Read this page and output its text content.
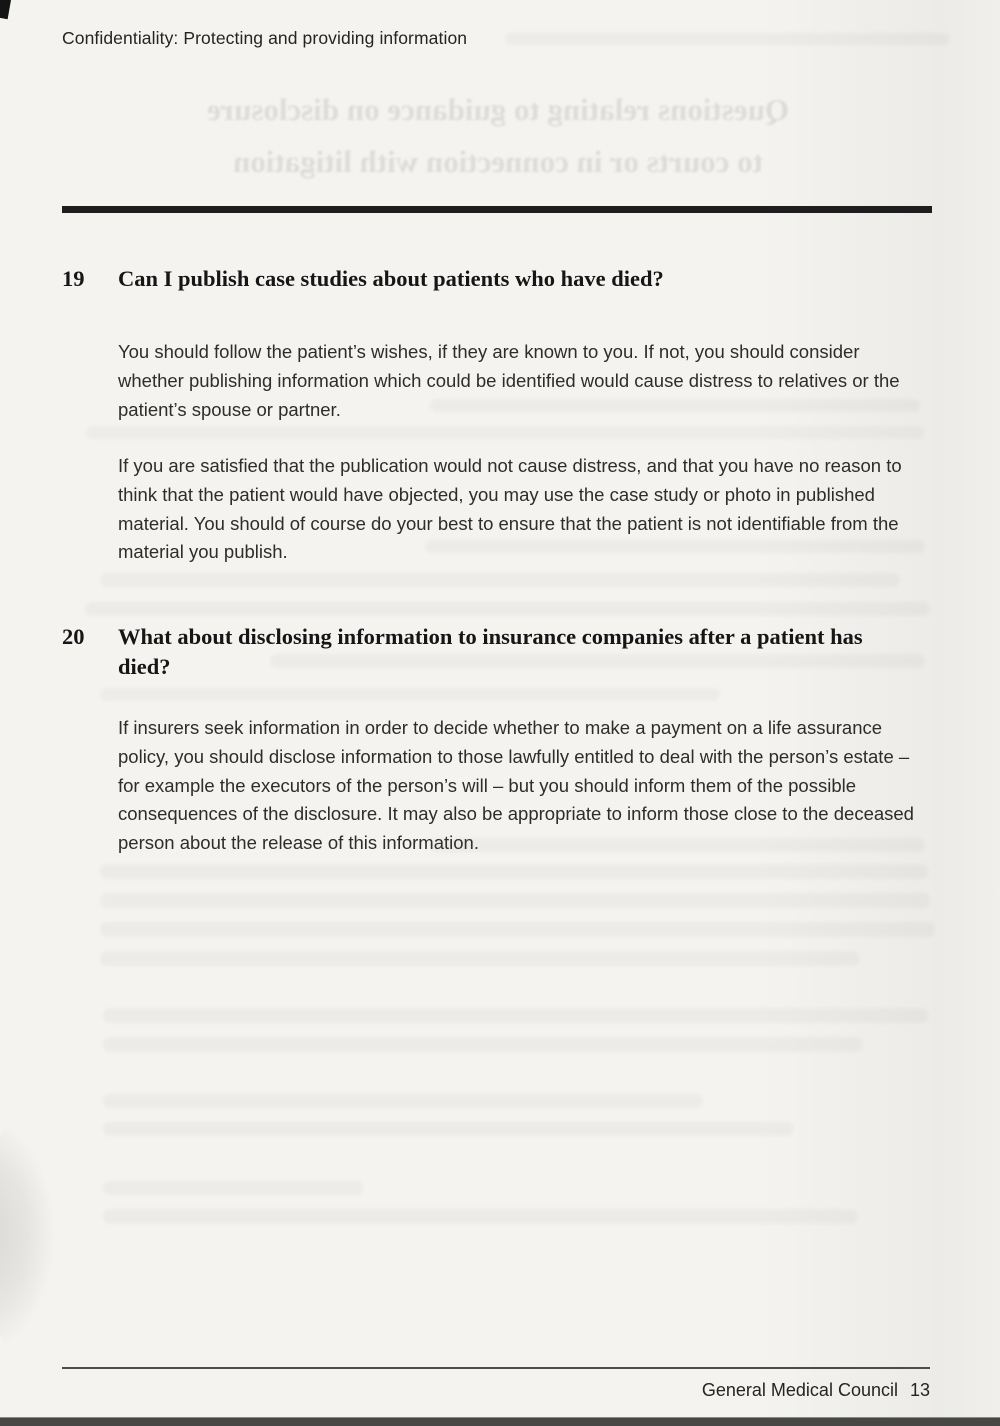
Confidentiality: Protecting and providing information
Questions relating to guidance on disclosure
to courts or in connection with litigation
19	Can I publish case studies about patients who have died?
You should follow the patient’s wishes, if they are known to you. If not, you should consider whether publishing information which could be identified would cause distress to relatives or the patient’s spouse or partner.
If you are satisfied that the publication would not cause distress, and that you have no reason to think that the patient would have objected, you may use the case study or photo in published material. You should of course do your best to ensure that the patient is not identifiable from the material you publish.
20	What about disclosing information to insurance companies after a patient has died?
If insurers seek information in order to decide whether to make a payment on a life assurance policy, you should disclose information to those lawfully entitled to deal with the person’s estate – for example the executors of the person’s will – but you should inform them of the possible consequences of the disclosure. It may also be appropriate to inform those close to the deceased person about the release of this information.
General Medical Council 13
